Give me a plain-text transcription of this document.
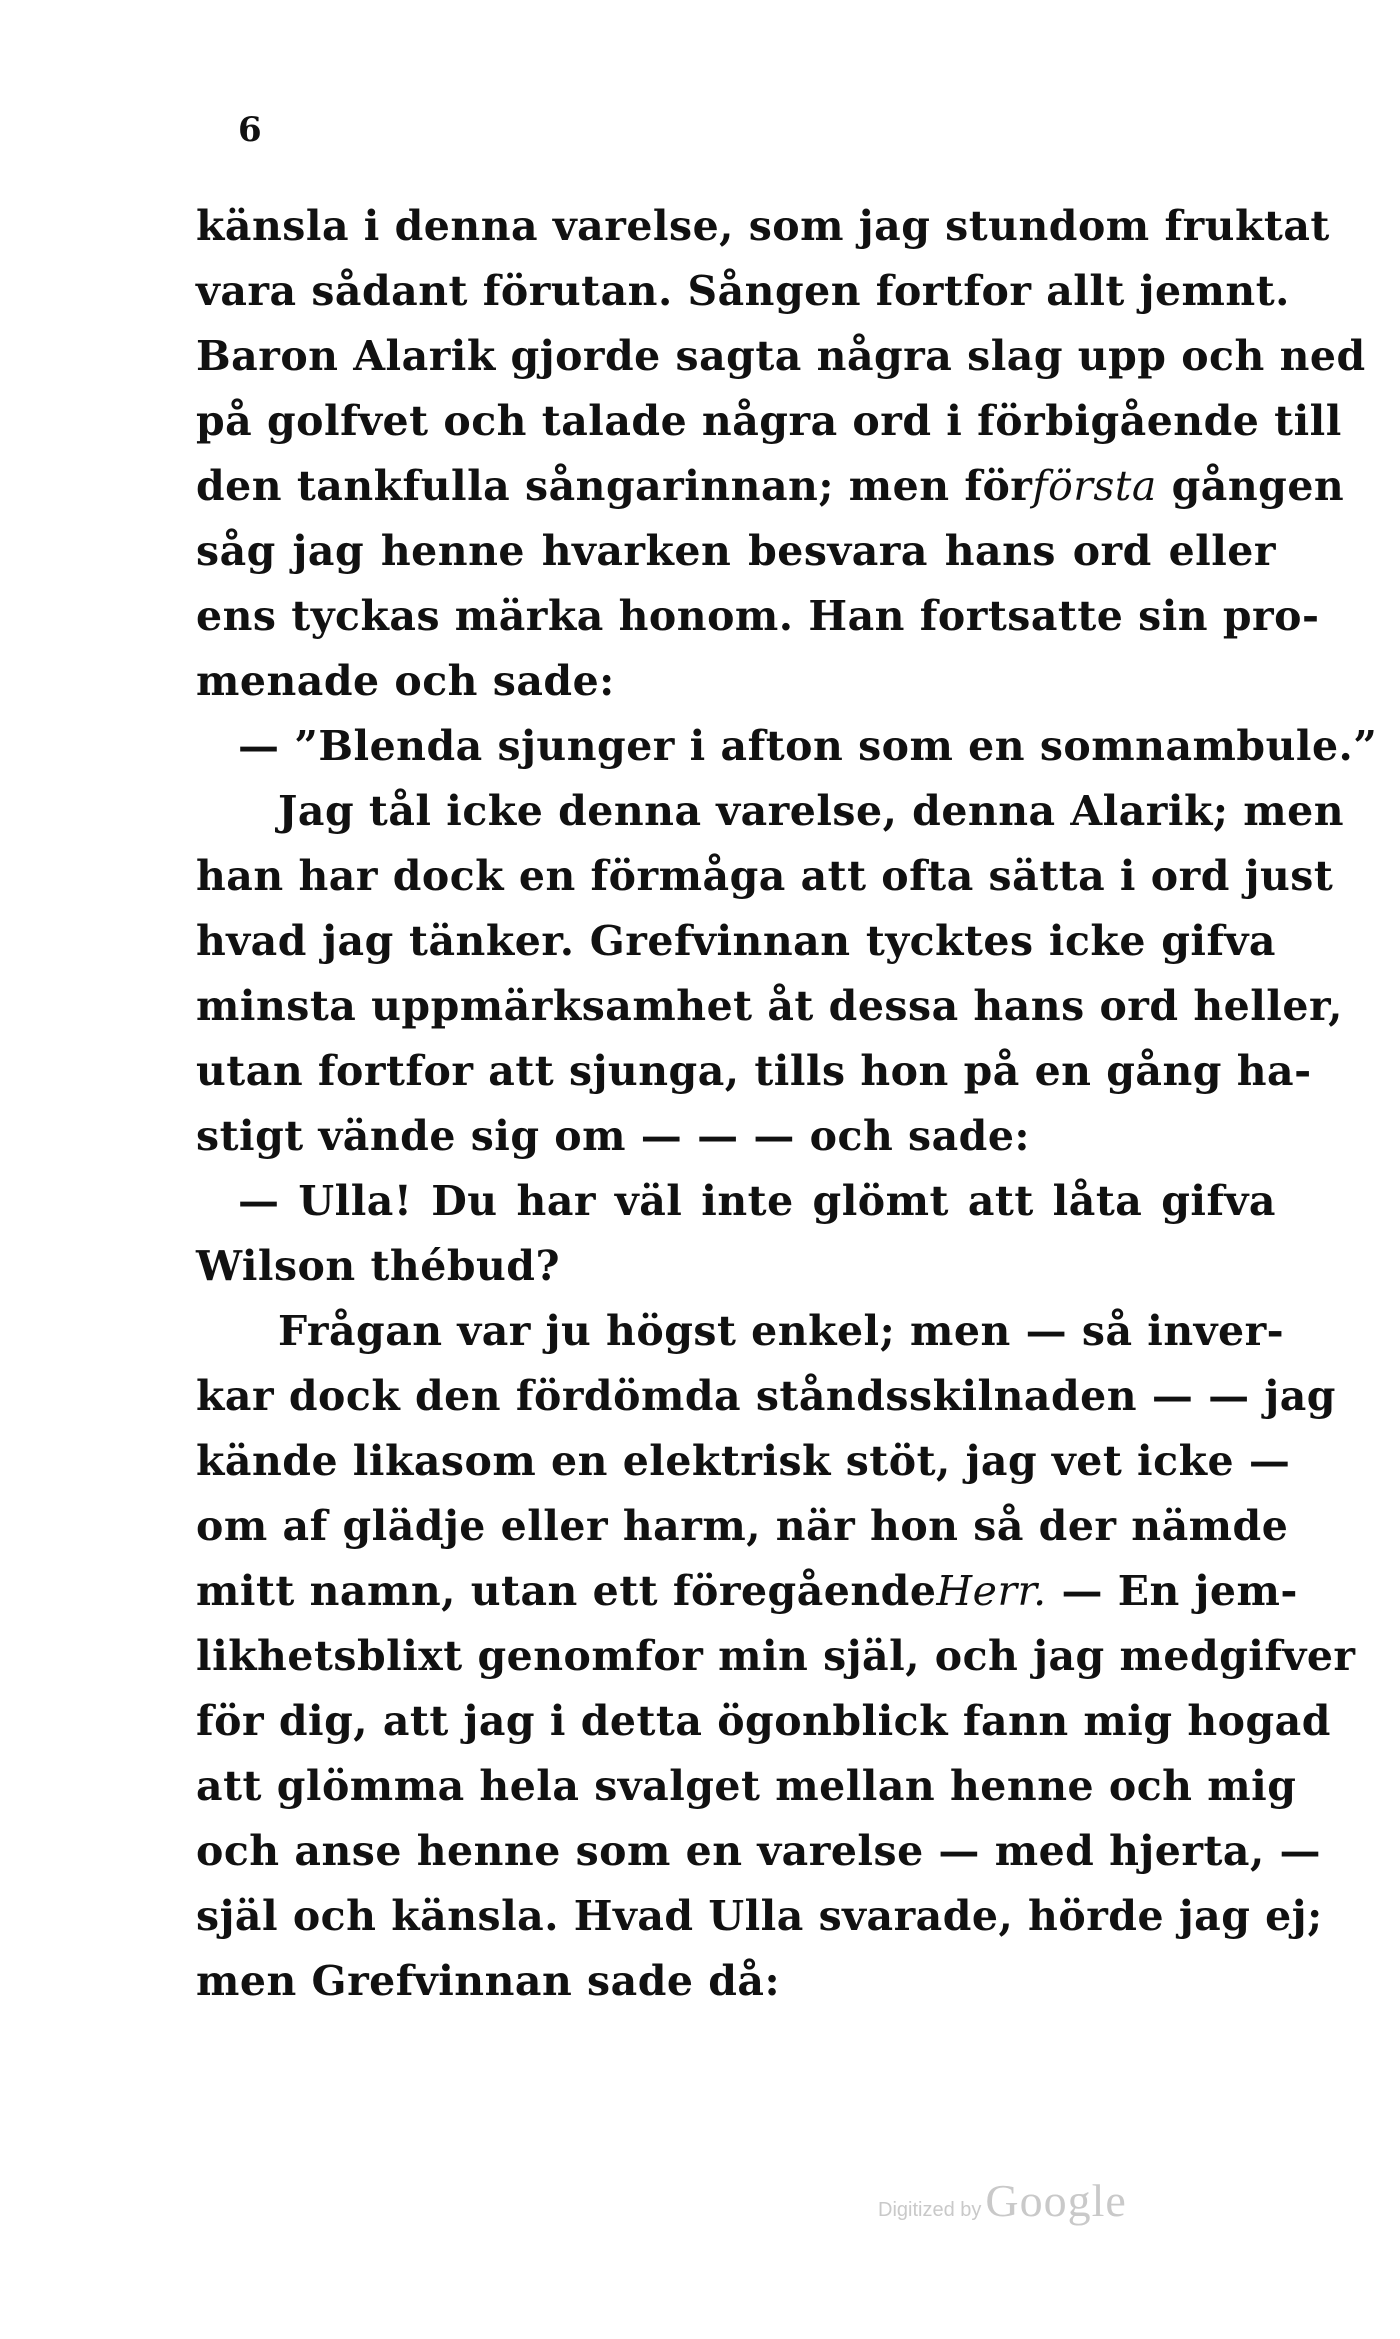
6
känsla i denna varelse, som jag stundom fruktat
vara sådant förutan. Sången fortfor allt jemnt.
Baron Alarik gjorde sagta några slag upp och ned
på golfvet och talade några ord i förbigående till
den tankfulla sångarinnan; men förförsta gången
såg jag henne hvarken besvara hans ord eller
ens tyckas märka honom. Han fortsatte sin pro-
menade och sade:
— ”Blenda sjunger i afton som en somnambule.”
Jag tål icke denna varelse, denna Alarik; men
han har dock en förmåga att ofta sätta i ord just
hvad jag tänker. Grefvinnan tycktes icke gifva
minsta uppmärksamhet åt dessa hans ord heller,
utan fortfor att sjunga, tills hon på en gång ha-
stigt vände sig om — — — och sade:
— Ulla! Du har väl inte glömt att låta gifva
Wilson thébud?
Frågan var ju högst enkel; men — så inver-
kar dock den fördömda ståndsskilnaden — — jag
kände likasom en elektrisk stöt, jag vet icke —
om af glädje eller harm, när hon så der nämde
mitt namn, utan ett föregåendeHerr. — En jem-
likhetsblixt genomfor min själ, och jag medgifver
för dig, att jag i detta ögonblick fann mig hogad
att glömma hela svalget mellan henne och mig
och anse henne som en varelse — med hjerta, —
själ och känsla. Hvad Ulla svarade, hörde jag ej;
men Grefvinnan sade då:
Digitized byGoogle
